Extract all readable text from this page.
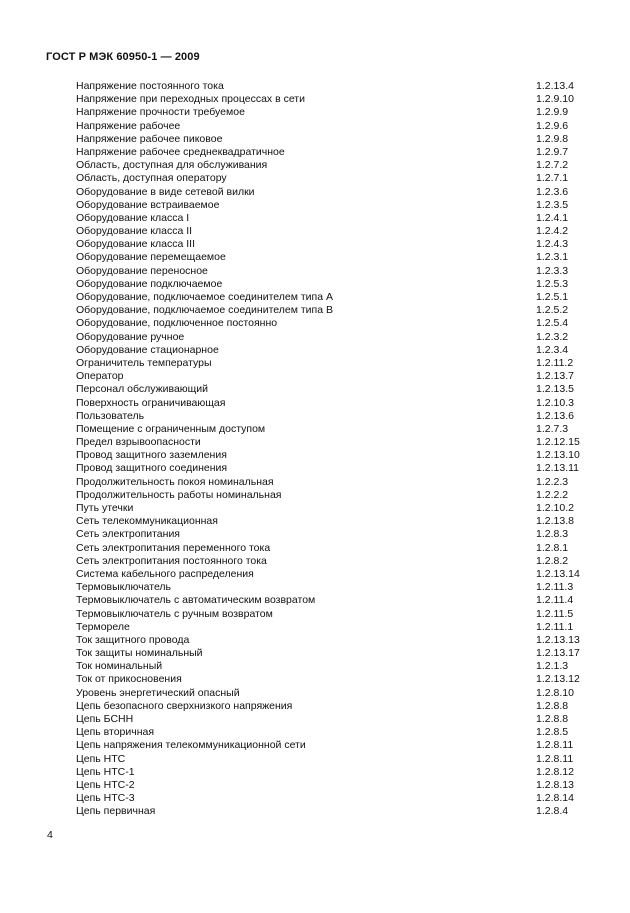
ГОСТ Р МЭК 60950-1 — 2009
Напряжение постоянного тока	1.2.13.4
Напряжение при переходных процессах в сети	1.2.9.10
Напряжение прочности требуемое	1.2.9.9
Напряжение рабочее	1.2.9.6
Напряжение рабочее пиковое	1.2.9.8
Напряжение рабочее среднеквадратичное	1.2.9.7
Область, доступная для обслуживания	1.2.7.2
Область, доступная оператору	1.2.7.1
Оборудование в виде сетевой вилки	1.2.3.6
Оборудование встраиваемое	1.2.3.5
Оборудование класса I	1.2.4.1
Оборудование класса II	1.2.4.2
Оборудование класса III	1.2.4.3
Оборудование перемещаемое	1.2.3.1
Оборудование переносное	1.2.3.3
Оборудование подключаемое	1.2.5.3
Оборудование, подключаемое соединителем типа А	1.2.5.1
Оборудование, подключаемое соединителем типа В	1.2.5.2
Оборудование, подключенное постоянно	1.2.5.4
Оборудование ручное	1.2.3.2
Оборудование стационарное	1.2.3.4
Ограничитель температуры	1.2.11.2
Оператор	1.2.13.7
Персонал обслуживающий	1.2.13.5
Поверхность ограничивающая	1.2.10.3
Пользователь	1.2.13.6
Помещение с ограниченным доступом	1.2.7.3
Предел взрывоопасности	1.2.12.15
Провод защитного заземления	1.2.13.10
Провод защитного соединения	1.2.13.11
Продолжительность покоя номинальная	1.2.2.3
Продолжительность работы номинальная	1.2.2.2
Путь утечки	1.2.10.2
Сеть телекоммуникационная	1.2.13.8
Сеть электропитания	1.2.8.3
Сеть электропитания переменного тока	1.2.8.1
Сеть электропитания постоянного тока	1.2.8.2
Система кабельного распределения	1.2.13.14
Термовыключатель	1.2.11.3
Термовыключатель с автоматическим возвратом	1.2.11.4
Термовыключатель с ручным возвратом	1.2.11.5
Термореле	1.2.11.1
Ток защитного провода	1.2.13.13
Ток защиты номинальный	1.2.13.17
Ток номинальный	1.2.1.3
Ток от прикосновения	1.2.13.12
Уровень энергетический опасный	1.2.8.10
Цепь безопасного сверхнизкого напряжения	1.2.8.8
Цепь БСНН	1.2.8.8
Цепь вторичная	1.2.8.5
Цепь напряжения телекоммуникационной сети	1.2.8.11
Цепь НТС	1.2.8.11
Цепь НТС-1	1.2.8.12
Цепь НТС-2	1.2.8.13
Цепь НТС-3	1.2.8.14
Цепь первичная	1.2.8.4
4
